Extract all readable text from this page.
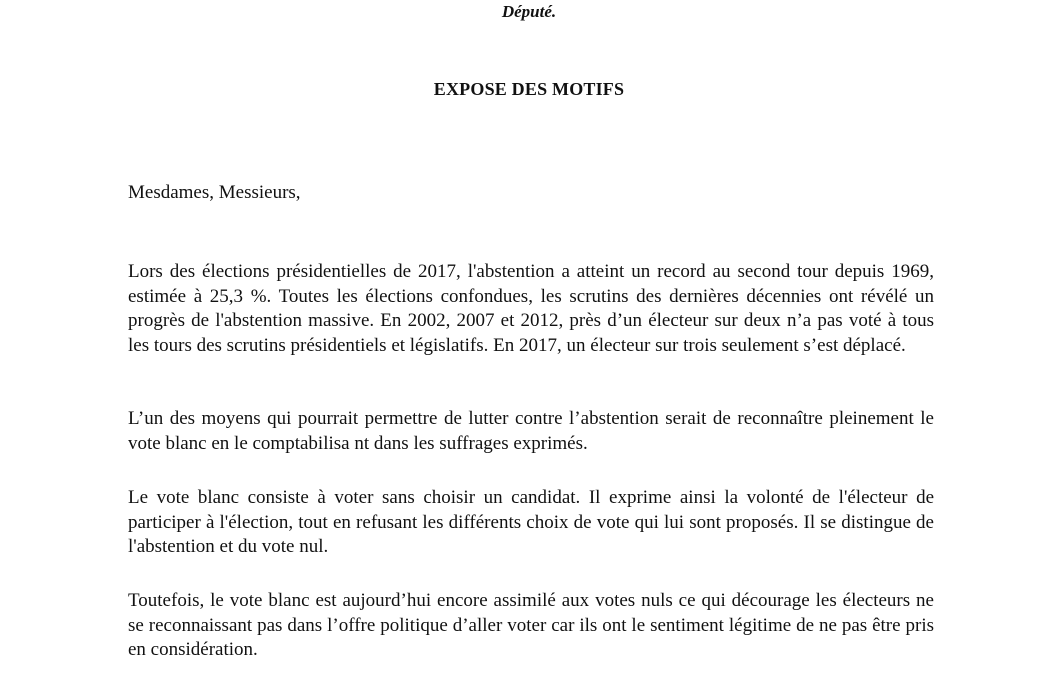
Député.
EXPOSE DES MOTIFS
Mesdames, Messieurs,

Lors des élections présidentielles de 2017, l'abstention a atteint un record au second tour depuis 1969, estimée à 25,3 %. Toutes les élections confondues, les scrutins des dernières décennies ont révélé un progrès de l'abstention massive. En 2002, 2007 et 2012, près d’un électeur sur deux n’a pas voté à tous les tours des scrutins présidentiels et législatifs. En 2017, un électeur sur trois seulement s’est déplacé.

L’un des moyens qui pourrait permettre de lutter contre l’abstention serait de reconnaître pleinement le vote blanc en le comptabilisa nt dans les suffrages exprimés.

Le vote blanc consiste à voter sans choisir un candidat. Il exprime ainsi la volonté de l'électeur de participer à l'élection, tout en refusant les différents choix de vote qui lui sont proposés. Il se distingue de l'abstention et du vote nul.

Toutefois, le vote blanc est aujourd’hui encore assimilé aux votes nuls ce qui décourage les électeurs ne se reconnaissant pas dans l’offre politique d’aller voter car ils ont le sentiment légitime de ne pas être pris en considération.
